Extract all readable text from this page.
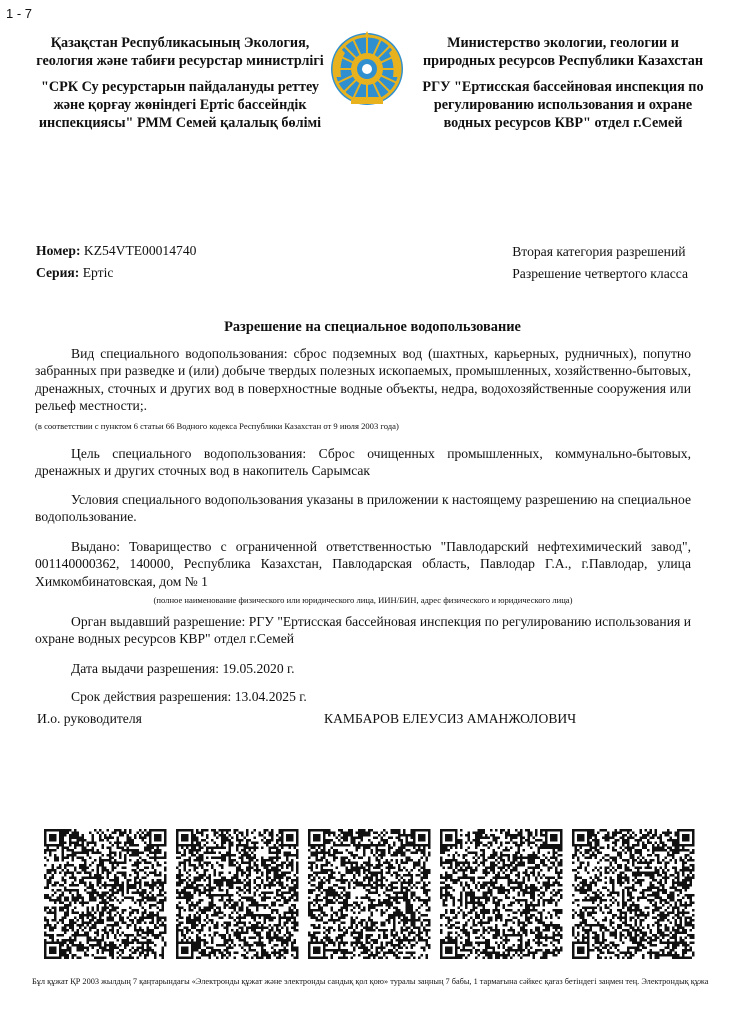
1 - 7
Қазақстан Республикасының Экология, геология және табиғи ресурстар министрлігі
"СРК Су ресурстарын пайдалануды реттеу және қорғау жөніндегі Ертіс бассейндік инспекциясы" РММ Семей қалалық бөлімі
Министерство экологии, геологии и природных ресурсов Республики Казахстан
РГУ "Ертисская бассейновая инспекция по регулированию использования и охране водных ресурсов КВР" отдел г.Семей
Номер: KZ54VTE00014740
Серия: Ертіс
Вторая категория разрешений
Разрешение четвертого класса
Разрешение на специальное водопользование
Вид специального водопользования: сброс подземных вод (шахтных, карьерных, рудничных), попутно забранных при разведке и (или) добыче твердых полезных ископаемых, промышленных, хозяйственно-бытовых, дренажных, сточных и других вод в поверхностные водные объекты, недра, водохозяйственные сооружения или рельеф местности;.
(в соответствии с пунктом 6 статьи 66 Водного кодекса Республики Казахстан от 9 июля 2003 года)
Цель специального водопользования: Сброс очищенных промышленных, коммунально-бытовых, дренажных и других сточных вод в накопитель Сарымсак
Условия специального водопользования указаны в приложении к настоящему разрешению на специальное водопользование.
Выдано: Товарищество с ограниченной ответственностью "Павлодарский нефтехимический завод", 001140000362, 140000, Республика Казахстан, Павлодарская область, Павлодар Г.А., г.Павлодар, улица Химкомбинатовская, дом № 1
(полное наименование физического или юридического лица, ИИН/БИН, адрес физического и юридического лица)
Орган выдавший разрешение: РГУ "Ертисская бассейновая инспекция по регулированию использования и охране водных ресурсов КВР" отдел г.Семей
Дата выдачи разрешения: 19.05.2020 г.
Срок действия разрешения: 13.04.2025 г.
И.о. руководителя	КАМБАРОВ ЕЛЕУСИЗ АМАНЖОЛОВИЧ
Бұл құжат ҚР 2003 жылдың 7 қаңтарындағы «Электронды құжат және электронды сандық қол қою» туралы заңның 7 бабы, 1 тармағына сәйкес қағаз бетіндегі заңмен тең. Электрондық құжа
